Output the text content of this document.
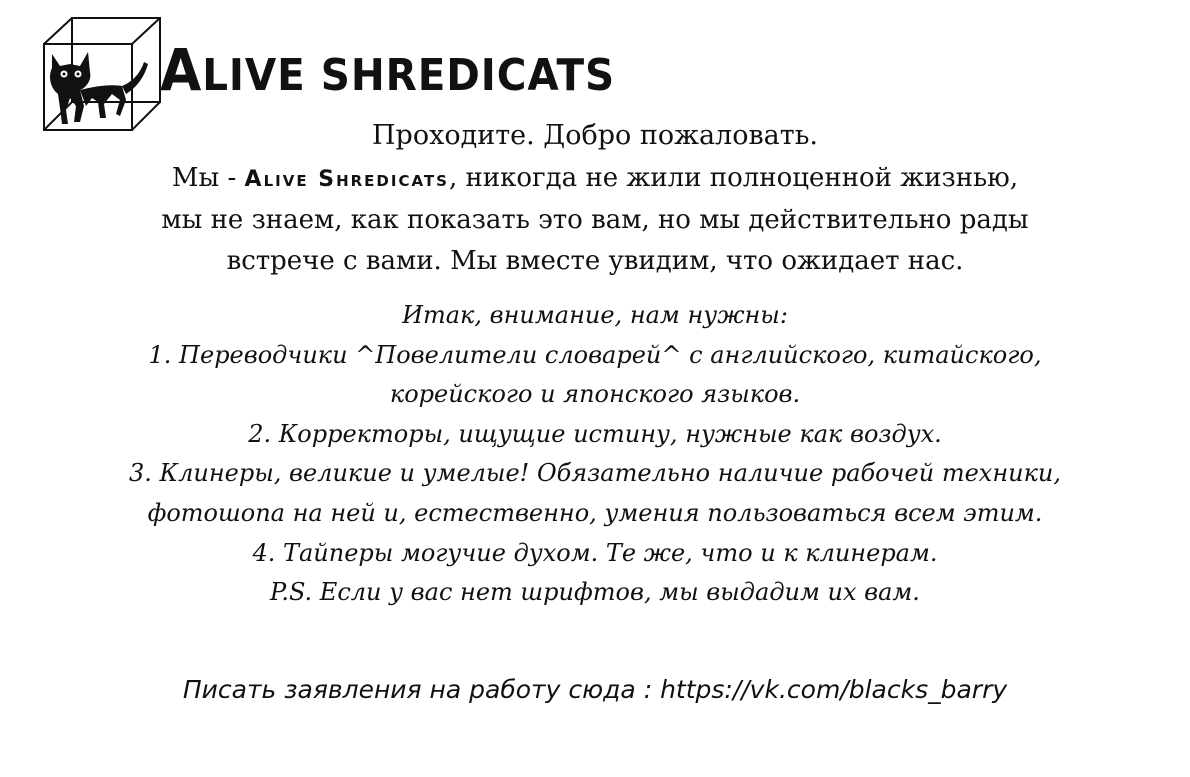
ALIVE SHREDICATS
Проходите. Добро пожаловать.
Мы - Alive Shredicats, никогда не жили полноценной жизнью,
мы не знаем, как показать это вам, но мы действительно рады
встрече с вами. Мы вместе увидим, что ожидает нас.
Итак, внимание, нам нужны:
1. Переводчики ^Повелители словарей^ с английского, китайского,
корейского и японского языков.
2. Корректоры, ищущие истину, нужные как воздух.
3. Клинеры, великие и умелые! Обязательно наличие рабочей техники,
фотошопа на ней и, естественно, умения пользоваться всем этим.
4. Тайперы могучие духом. Те же, что и к клинерам.
P.S. Если у вас нет шрифтов, мы выдадим их вам.
Писать заявления на работу сюда : https://vk.com/blacks_barry
